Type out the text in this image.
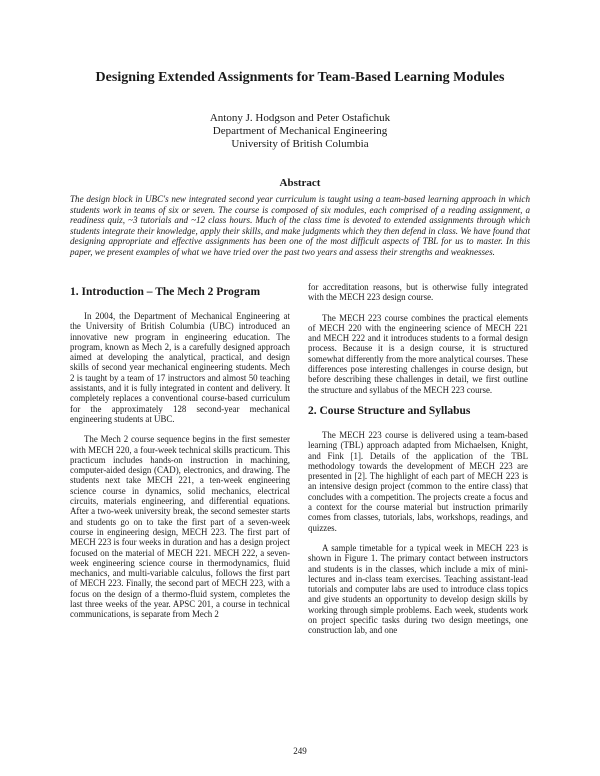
Designing Extended Assignments for Team-Based Learning Modules
Antony J. Hodgson and Peter Ostafichuk
Department of Mechanical Engineering
University of British Columbia
Abstract

The design block in UBC's new integrated second year curriculum is taught using a team-based learning approach in which students work in teams of six or seven. The course is composed of six modules, each comprised of a reading assignment, a readiness quiz, ~3 tutorials and ~12 class hours. Much of the class time is devoted to extended assignments through which students integrate their knowledge, apply their skills, and make judgments which they then defend in class. We have found that designing appropriate and effective assignments has been one of the most difficult aspects of TBL for us to master. In this paper, we present examples of what we have tried over the past two years and assess their strengths and weaknesses.

1. Introduction – The Mech 2 Program

In 2004, the Department of Mechanical Engineering at the University of British Columbia (UBC) introduced an innovative new program in engineering education. The program, known as Mech 2, is a carefully designed approach aimed at developing the analytical, practical, and design skills of second year mechanical engineering students. Mech 2 is taught by a team of 17 instructors and almost 50 teaching assistants, and it is fully integrated in content and delivery. It completely replaces a conventional course-based curriculum for the approximately 128 second-year mechanical engineering students at UBC.

The Mech 2 course sequence begins in the first semester with MECH 220, a four-week technical skills practicum. This practicum includes hands-on instruction in machining, computer-aided design (CAD), electronics, and drawing. The students next take MECH 221, a ten-week engineering science course in dynamics, solid mechanics, electrical circuits, materials engineering, and differential equations. After a two-week university break, the second semester starts and students go on to take the first part of a seven-week course in engineering design, MECH 223. The first part of MECH 223 is four weeks in duration and has a design project focused on the material of MECH 221. MECH 222, a seven-week engineering science course in thermodynamics, fluid mechanics, and multi-variable calculus, follows the first part of MECH 223. Finally, the second part of MECH 223, with a focus on the design of a thermo-fluid system, completes the last three weeks of the year. APSC 201, a course in technical communications, is separate from Mech 2

for accreditation reasons, but is otherwise fully integrated with the MECH 223 design course.

The MECH 223 course combines the practical elements of MECH 220 with the engineering science of MECH 221 and MECH 222 and it introduces students to a formal design process. Because it is a design course, it is structured somewhat differently from the more analytical courses. These differences pose interesting challenges in course design, but before describing these challenges in detail, we first outline the structure and syllabus of the MECH 223 course.

2. Course Structure and Syllabus

The MECH 223 course is delivered using a team-based learning (TBL) approach adapted from Michaelsen, Knight, and Fink [1]. Details of the application of the TBL methodology towards the development of MECH 223 are presented in [2]. The highlight of each part of MECH 223 is an intensive design project (common to the entire class) that concludes with a competition. The projects create a focus and a context for the course material but instruction primarily comes from classes, tutorials, labs, workshops, readings, and quizzes.

A sample timetable for a typical week in MECH 223 is shown in Figure 1. The primary contact between instructors and students is in the classes, which include a mix of mini-lectures and in-class team exercises. Teaching assistant-lead tutorials and computer labs are used to introduce class topics and give students an opportunity to develop design skills by working through simple problems. Each week, students work on project specific tasks during two design meetings, one construction lab, and one

249
